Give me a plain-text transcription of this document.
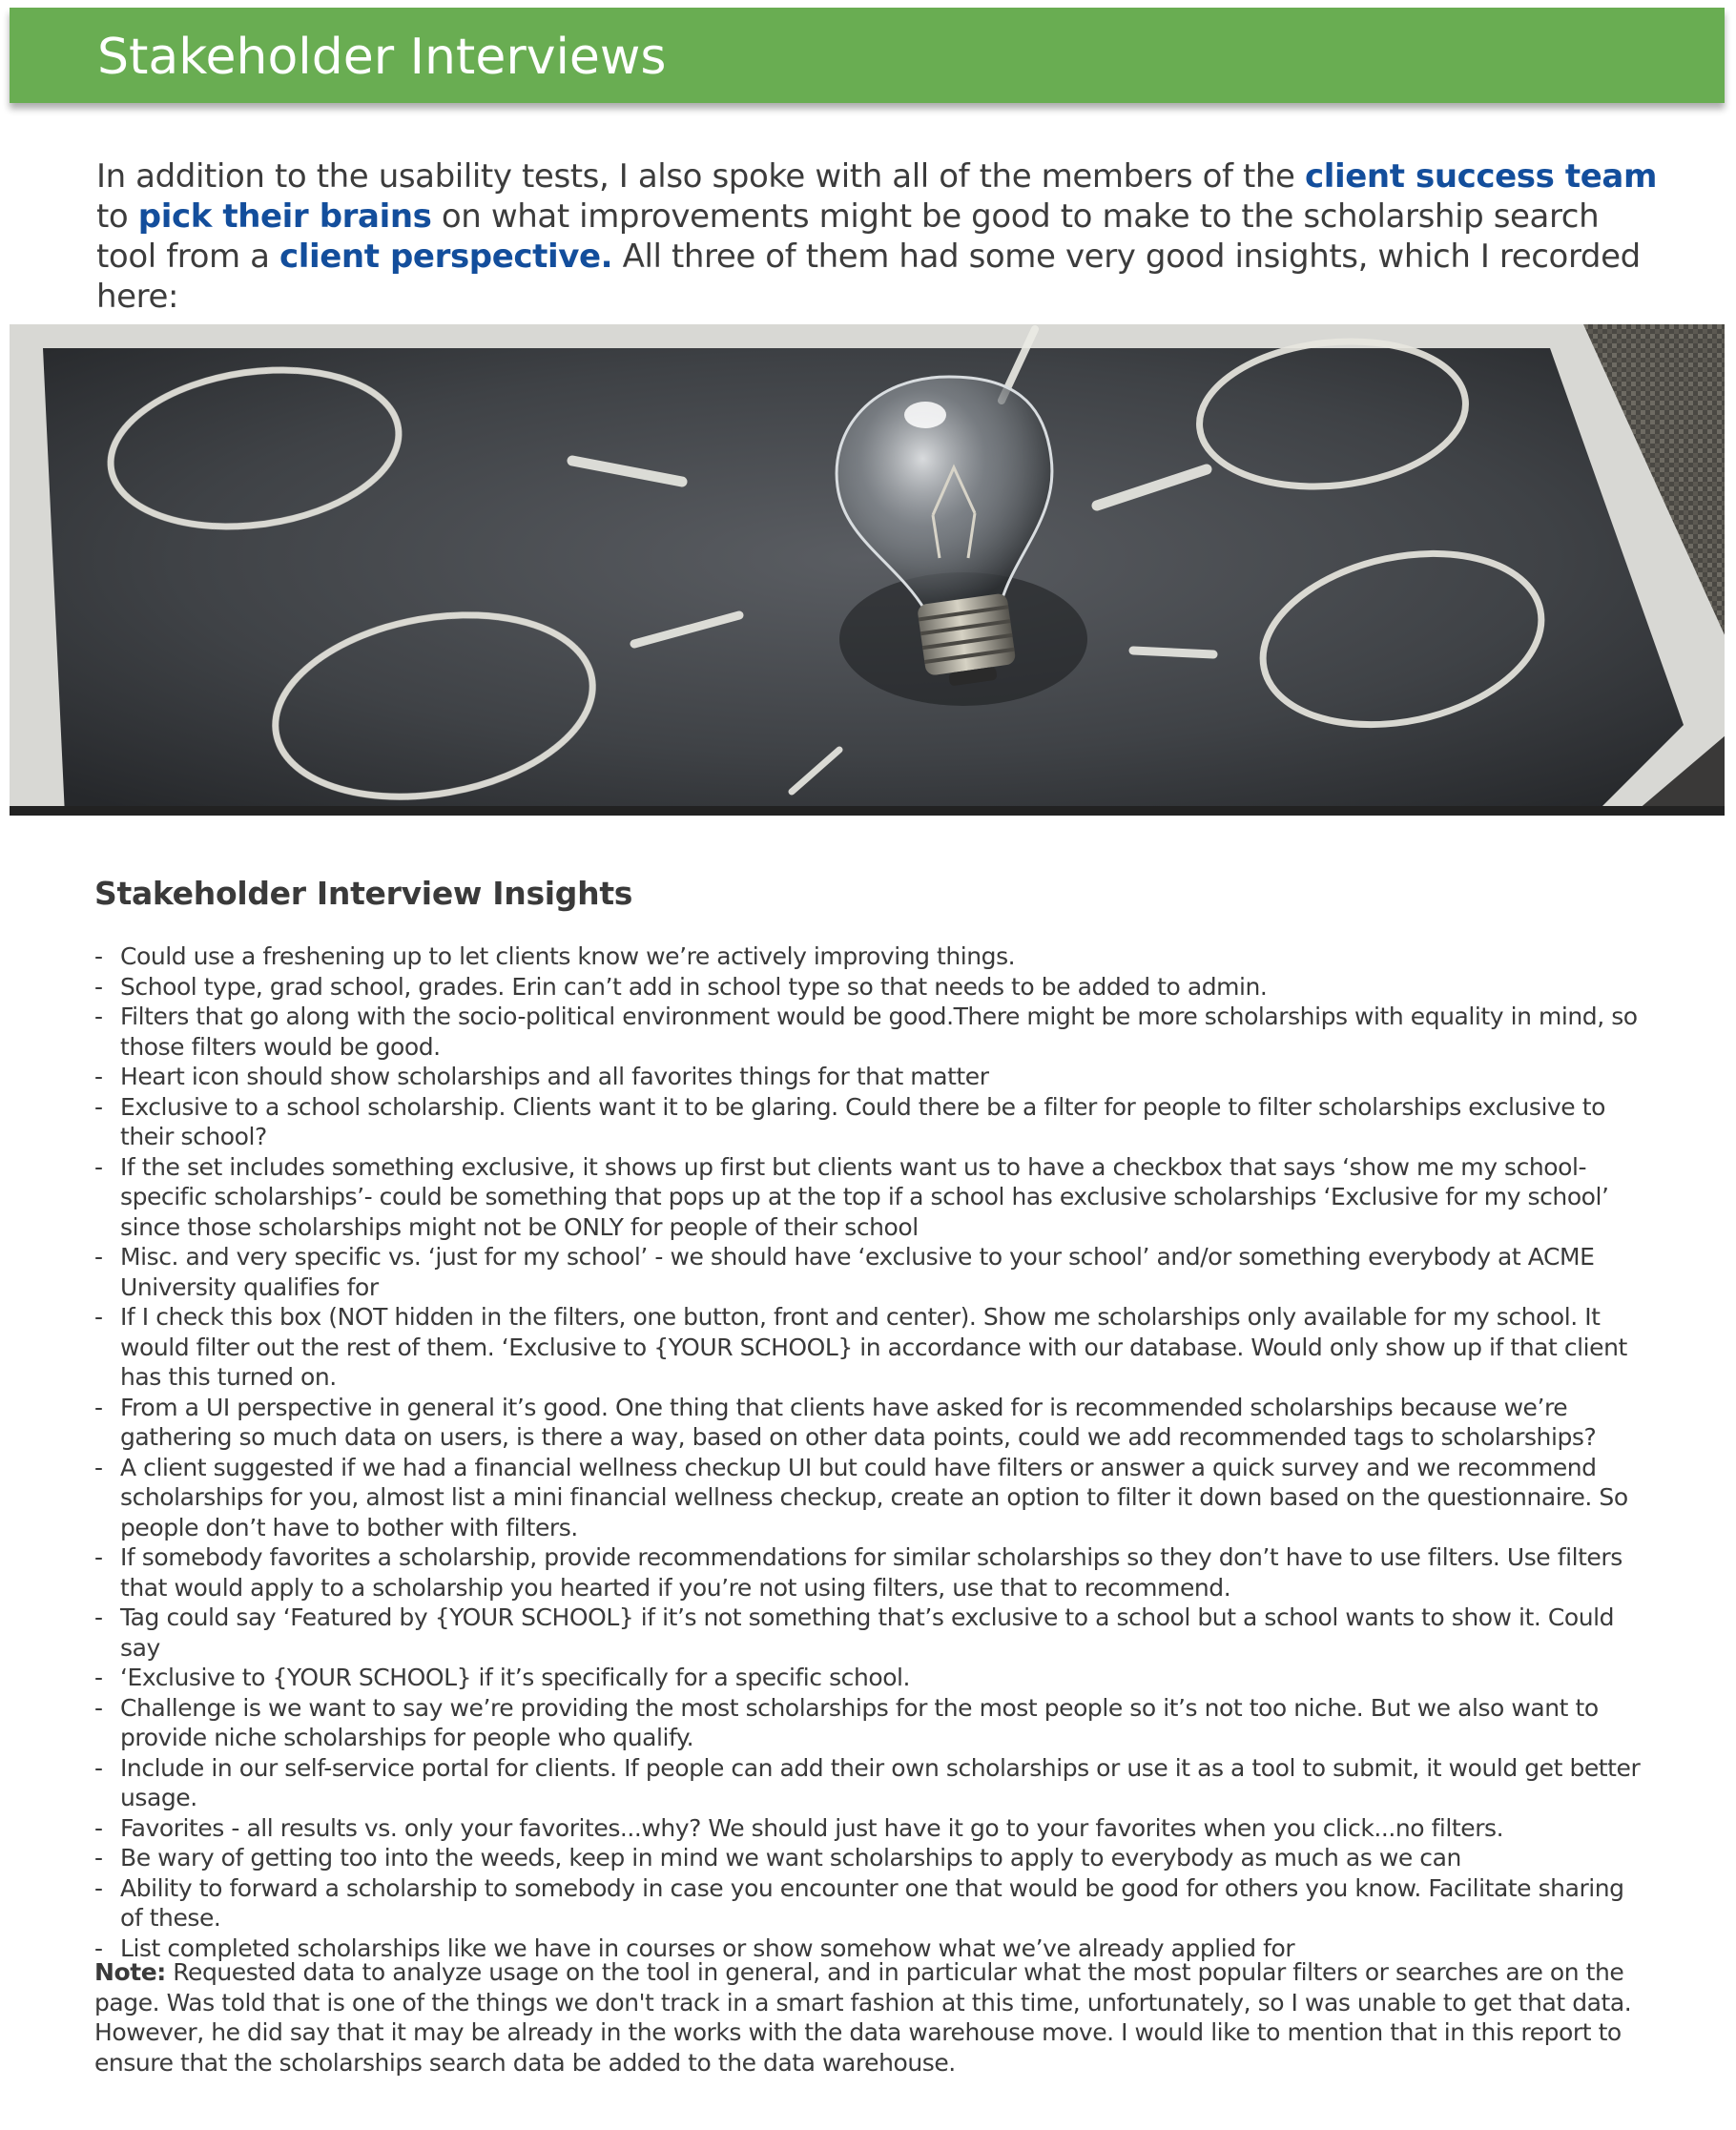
Stakeholder Interviews
In addition to the usability tests, I also spoke with all of the members of the client success team to pick their brains on what improvements might be good to make to the scholarship search tool from a client perspective. All three of them had some very good insights, which I recorded here:
Stakeholder Interview Insights
- Could use a freshening up to let clients know we’re actively improving things.
- School type, grad school, grades. Erin can’t add in school type so that needs to be added to admin.
- Filters that go along with the socio-political environment would be good.There might be more scholarships with equality in mind, so those filters would be good.
- Heart icon should show scholarships and all favorites things for that matter
- Exclusive to a school scholarship. Clients want it to be glaring. Could there be a filter for people to filter scholarships exclusive to their school?
- If the set includes something exclusive, it shows up first but clients want us to have a checkbox that says ‘show me my school-specific scholarships’- could be something that pops up at the top if a school has exclusive scholarships ‘Exclusive for my school’ since those scholarships might not be ONLY for people of their school
- Misc. and very specific vs. ‘just for my school’ - we should have ‘exclusive to your school’ and/or something everybody at ACME University qualifies for
- If I check this box (NOT hidden in the filters, one button, front and center). Show me scholarships only available for my school. It would filter out the rest of them. ‘Exclusive to {YOUR SCHOOL} in accordance with our database. Would only show up if that client has this turned on.
- From a UI perspective in general it’s good. One thing that clients have asked for is recommended scholarships because we’re gathering so much data on users, is there a way, based on other data points, could we add recommended tags to scholarships?
- A client suggested if we had a financial wellness checkup UI but could have filters or answer a quick survey and we recommend scholarships for you, almost list a mini financial wellness checkup, create an option to filter it down based on the questionnaire. So people don’t have to bother with filters.
- If somebody favorites a scholarship, provide recommendations for similar scholarships so they don’t have to use filters. Use filters that would apply to a scholarship you hearted if you’re not using filters, use that to recommend.
- Tag could say ‘Featured by {YOUR SCHOOL} if it’s not something that’s exclusive to a school but a school wants to show it. Could say
- ‘Exclusive to {YOUR SCHOOL} if it’s specifically for a specific school.
- Challenge is we want to say we’re providing the most scholarships for the most people so it’s not too niche. But we also want to provide niche scholarships for people who qualify.
- Include in our self-service portal for clients. If people can add their own scholarships or use it as a tool to submit, it would get better usage.
- Favorites - all results vs. only your favorites...why? We should just have it go to your favorites when you click...no filters.
- Be wary of getting too into the weeds, keep in mind we want scholarships to apply to everybody as much as we can
- Ability to forward a scholarship to somebody in case you encounter one that would be good for others you know. Facilitate sharing of these.
- List completed scholarships like we have in courses or show somehow what we’ve already applied for
Note: Requested data to analyze usage on the tool in general, and in particular what the most popular filters or searches are on the page. Was told that is one of the things we don't track in a smart fashion at this time, unfortunately, so I was unable to get that data. However, he did say that it may be already in the works with the data warehouse move. I would like to mention that in this report to ensure that the scholarships search data be added to the data warehouse.
